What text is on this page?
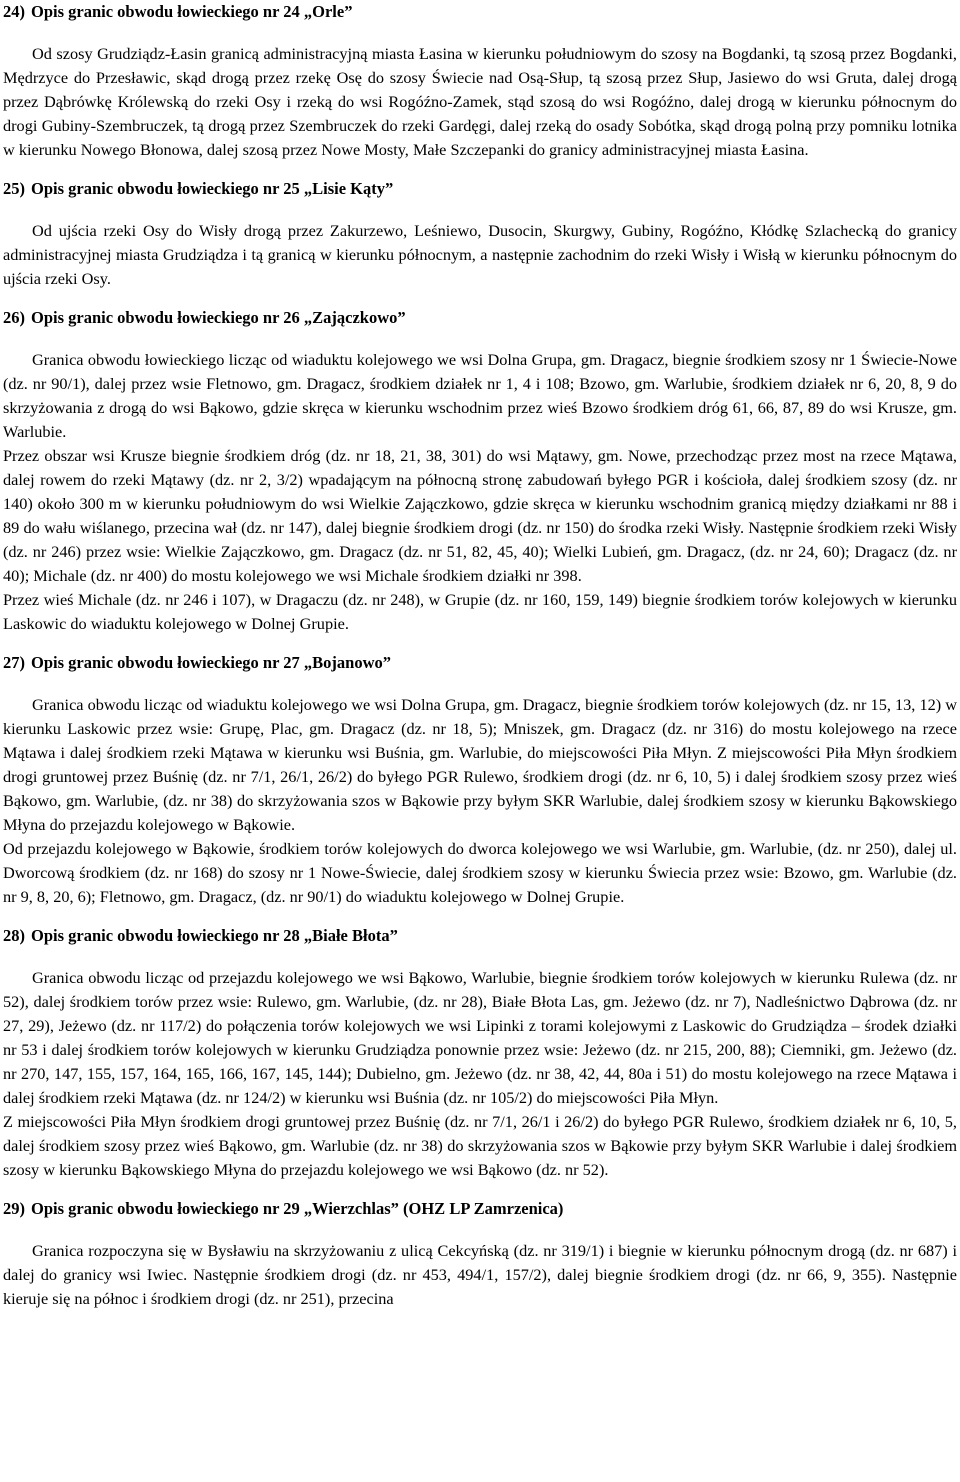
24) Opis granic obwodu łowieckiego nr 24 „Orle”

Od szosy Grudziądz-Łasin granicą administracyjną miasta Łasina w kierunku południowym do szosy na Bogdanki, tą szosą przez Bogdanki, Mędrzyce do Przesławic, skąd drogą przez rzekę Osę do szosy Świecie nad Osą-Słup, tą szosą przez Słup, Jasiewo do wsi Gruta, dalej drogą przez Dąbrówkę Królewską do rzeki Osy i rzeką do wsi Rogóźno-Zamek, stąd szosą do wsi Rogóźno, dalej drogą w kierunku północnym do drogi Gubiny-Szembruczek, tą drogą przez Szembruczek do rzeki Gardęgi, dalej rzeką do osady Sobótka, skąd drogą polną przy pomniku lotnika w kierunku Nowego Błonowa, dalej szosą przez Nowe Mosty, Małe Szczepanki do granicy administracyjnej miasta Łasina.

25) Opis granic obwodu łowieckiego nr 25 „Lisie Kąty”

Od ujścia rzeki Osy do Wisły drogą przez Zakurzewo, Leśniewo, Dusocin, Skurgwy, Gubiny, Rogóźno, Kłódkę Szlachecką do granicy administracyjnej miasta Grudziądza i tą granicą w kierunku północnym, a następnie zachodnim do rzeki Wisły i Wisłą w kierunku północnym do ujścia rzeki Osy.

26) Opis granic obwodu łowieckiego nr 26 „Zajączkowo”

Granica obwodu łowieckiego licząc od wiaduktu kolejowego we wsi Dolna Grupa, gm. Dragacz, biegnie środkiem szosy nr 1 Świecie-Nowe (dz. nr 90/1), dalej przez wsie Fletnowo, gm. Dragacz, środkiem działek nr 1, 4 i 108; Bzowo, gm. Warlubie, środkiem działek nr 6, 20, 8, 9 do skrzyżowania z drogą do wsi Bąkowo, gdzie skręca w kierunku wschodnim przez wieś Bzowo środkiem dróg 61, 66, 87, 89 do wsi Krusze, gm. Warlubie.

Przez obszar wsi Krusze biegnie środkiem dróg (dz. nr 18, 21, 38, 301) do wsi Mątawy, gm. Nowe, przechodząc przez most na rzece Mątawa, dalej rowem do rzeki Mątawy (dz. nr 2, 3/2) wpadającym na północną stronę zabudowań byłego PGR i kościoła, dalej środkiem szosy (dz. nr 140) około 300 m w kierunku południowym do wsi Wielkie Zajączkowo, gdzie skręca w kierunku wschodnim granicą między działkami nr 88 i 89 do wału wiślanego, przecina wał (dz. nr 147), dalej biegnie środkiem drogi (dz. nr 150) do środka rzeki Wisły. Następnie środkiem rzeki Wisły (dz. nr 246) przez wsie: Wielkie Zajączkowo, gm. Dragacz (dz. nr 51, 82, 45, 40); Wielki Lubień, gm. Dragacz, (dz. nr 24, 60); Dragacz (dz. nr 40); Michale (dz. nr 400) do mostu kolejowego we wsi Michale środkiem działki nr 398.

Przez wieś Michale (dz. nr 246 i 107), w Dragaczu (dz. nr 248), w Grupie (dz. nr 160, 159, 149) biegnie środkiem torów kolejowych w kierunku Laskowic do wiaduktu kolejowego w Dolnej Grupie.

27) Opis granic obwodu łowieckiego nr 27 „Bojanowo”

Granica obwodu licząc od wiaduktu kolejowego we wsi Dolna Grupa, gm. Dragacz, biegnie środkiem torów kolejowych (dz. nr 15, 13, 12) w kierunku Laskowic przez wsie: Grupę, Plac, gm. Dragacz (dz. nr 18, 5); Mniszek, gm. Dragacz (dz. nr 316) do mostu kolejowego na rzece Mątawa i dalej środkiem rzeki Mątawa w kierunku wsi Buśnia, gm. Warlubie, do miejscowości Piła Młyn. Z miejscowości Piła Młyn środkiem drogi gruntowej przez Buśnię (dz. nr 7/1, 26/1, 26/2) do byłego PGR Rulewo, środkiem drogi (dz. nr 6, 10, 5) i dalej środkiem szosy przez wieś Bąkowo, gm. Warlubie, (dz. nr 38) do skrzyżowania szos w Bąkowie przy byłym SKR Warlubie, dalej środkiem szosy w kierunku Bąkowskiego Młyna do przejazdu kolejowego w Bąkowie.

Od przejazdu kolejowego w Bąkowie, środkiem torów kolejowych do dworca kolejowego we wsi Warlubie, gm. Warlubie, (dz. nr 250), dalej ul. Dworcową środkiem (dz. nr 168) do szosy nr 1 Nowe-Świecie, dalej środkiem szosy w kierunku Świecia przez wsie: Bzowo, gm. Warlubie (dz. nr 9, 8, 20, 6); Fletnowo, gm. Dragacz, (dz. nr 90/1) do wiaduktu kolejowego w Dolnej Grupie.

28) Opis granic obwodu łowieckiego nr 28 „Białe Błota”

Granica obwodu licząc od przejazdu kolejowego we wsi Bąkowo, Warlubie, biegnie środkiem torów kolejowych w kierunku Rulewa (dz. nr 52), dalej środkiem torów przez wsie: Rulewo, gm. Warlubie, (dz. nr 28), Białe Błota Las, gm. Jeżewo (dz. nr 7), Nadleśnictwo Dąbrowa (dz. nr 27, 29), Jeżewo (dz. nr 117/2) do połączenia torów kolejowych we wsi Lipinki z torami kolejowymi z Laskowic do Grudziądza – środek działki nr 53 i dalej środkiem torów kolejowych w kierunku Grudziądza ponownie przez wsie: Jeżewo (dz. nr 215, 200, 88); Ciemniki, gm. Jeżewo (dz. nr 270, 147, 155, 157, 164, 165, 166, 167, 145, 144); Dubielno, gm. Jeżewo (dz. nr 38, 42, 44, 80a i 51) do mostu kolejowego na rzece Mątawa i dalej środkiem rzeki Mątawa (dz. nr 124/2) w kierunku wsi Buśnia (dz. nr 105/2) do miejscowości Piła Młyn.

Z miejscowości Piła Młyn środkiem drogi gruntowej przez Buśnię (dz. nr 7/1, 26/1 i 26/2) do byłego PGR Rulewo, środkiem działek nr 6, 10, 5, dalej środkiem szosy przez wieś Bąkowo, gm. Warlubie (dz. nr 38) do skrzyżowania szos w Bąkowie przy byłym SKR Warlubie i dalej środkiem szosy w kierunku Bąkowskiego Młyna do przejazdu kolejowego we wsi Bąkowo (dz. nr 52).

29) Opis granic obwodu łowieckiego nr 29 „Wierzchlas” (OHZ LP Zamrzenica)

Granica rozpoczyna się w Bysławiu na skrzyżowaniu z ulicą Cekcyńską (dz. nr 319/1) i biegnie w kierunku północnym drogą (dz. nr 687) i dalej do granicy wsi Iwiec. Następnie środkiem drogi (dz. nr 453, 494/1, 157/2), dalej biegnie środkiem drogi (dz. nr 66, 9, 355). Następnie kieruje się na północ i środkiem drogi (dz. nr 251), przecina
